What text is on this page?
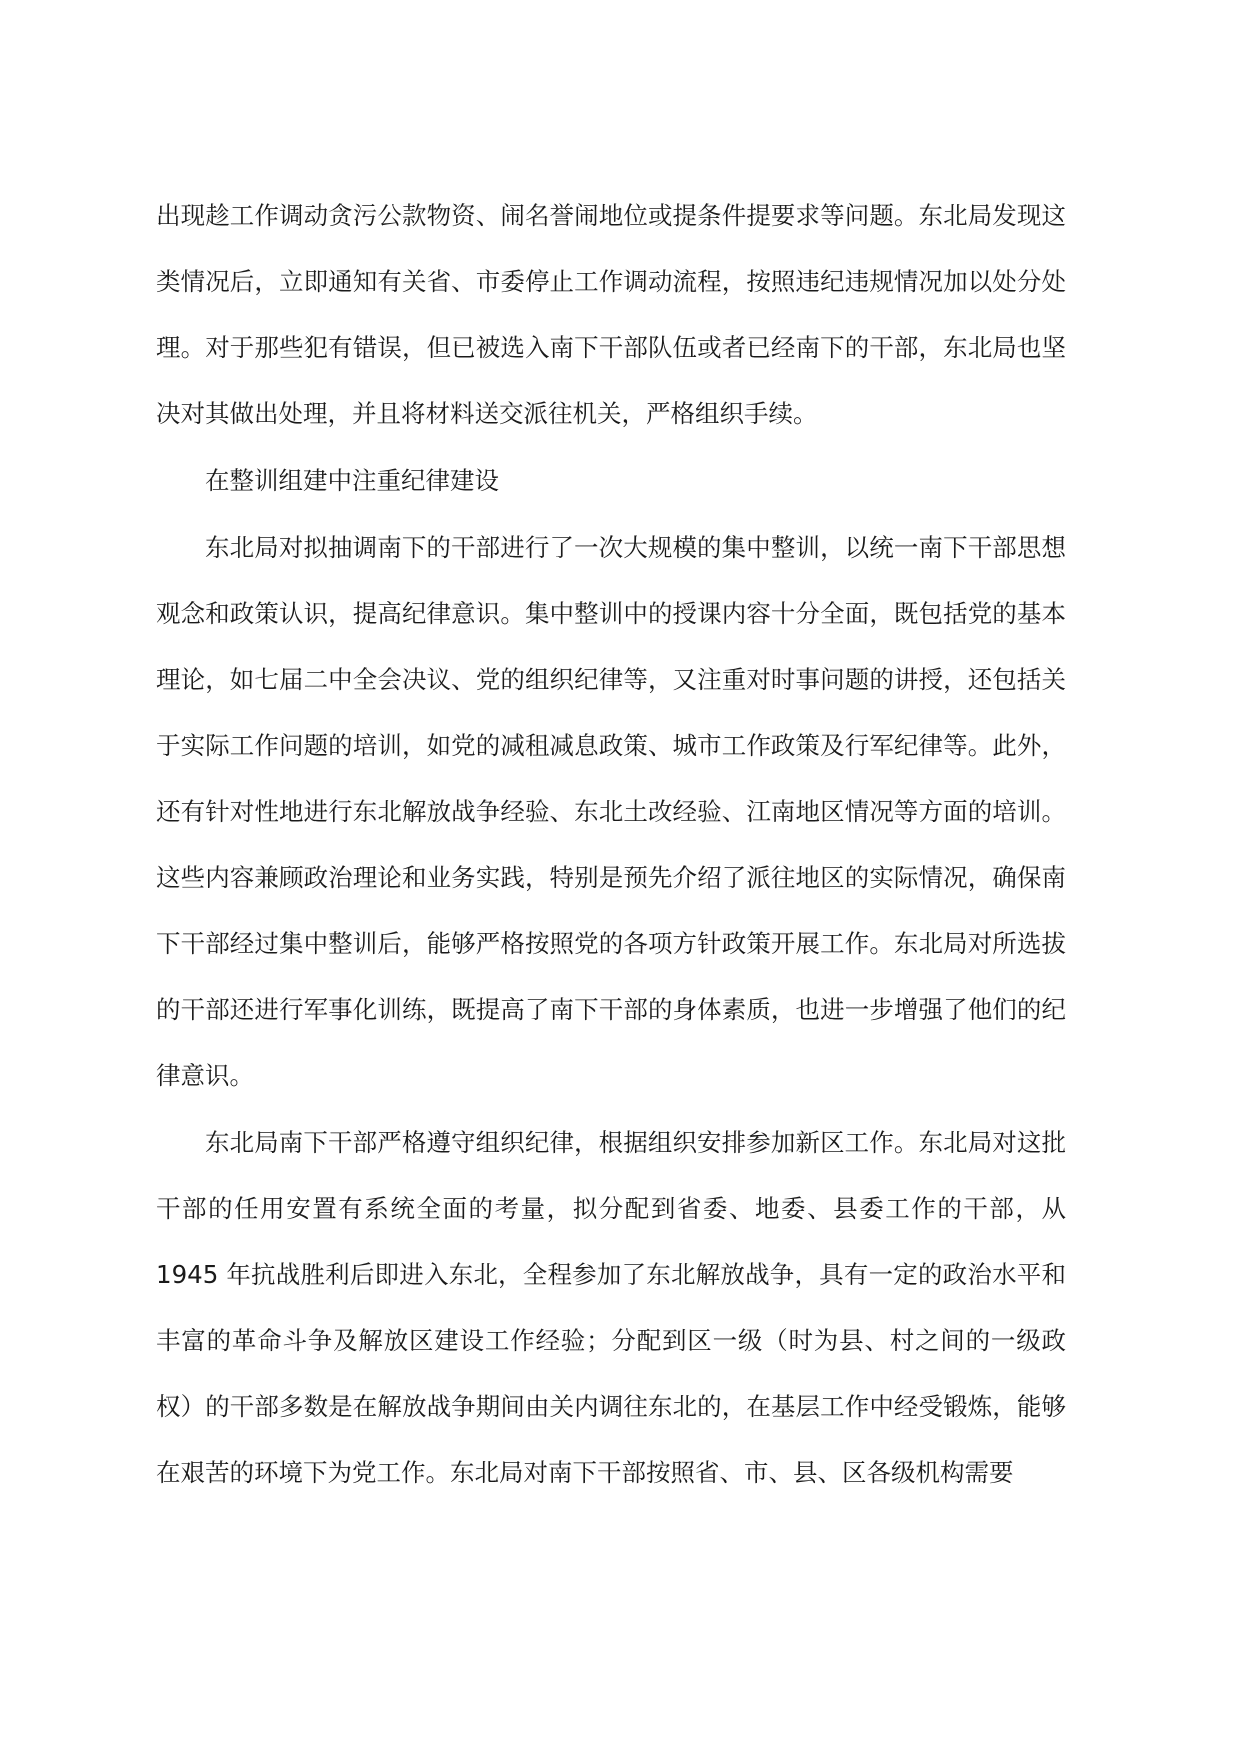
出现趁工作调动贪污公款物资、闹名誉闹地位或提条件提要求等问题。东北局发现这类情况后，立即通知有关省、市委停止工作调动流程，按照违纪违规情况加以处分处理。对于那些犯有错误，但已被选入南下干部队伍或者已经南下的干部，东北局也坚决对其做出处理，并且将材料送交派往机关，严格组织手续。

在整训组建中注重纪律建设

东北局对拟抽调南下的干部进行了一次大规模的集中整训，以统一南下干部思想观念和政策认识，提高纪律意识。集中整训中的授课内容十分全面，既包括党的基本理论，如七届二中全会决议、党的组织纪律等，又注重对时事问题的讲授，还包括关于实际工作问题的培训，如党的减租减息政策、城市工作政策及行军纪律等。此外，还有针对性地进行东北解放战争经验、东北土改经验、江南地区情况等方面的培训。这些内容兼顾政治理论和业务实践，特别是预先介绍了派往地区的实际情况，确保南下干部经过集中整训后，能够严格按照党的各项方针政策开展工作。东北局对所选拔的干部还进行军事化训练，既提高了南下干部的身体素质，也进一步增强了他们的纪律意识。

东北局南下干部严格遵守组织纪律，根据组织安排参加新区工作。东北局对这批干部的任用安置有系统全面的考量，拟分配到省委、地委、县委工作的干部，从1945 年抗战胜利后即进入东北，全程参加了东北解放战争，具有一定的政治水平和丰富的革命斗争及解放区建设工作经验；分配到区一级（时为县、村之间的一级政权）的干部多数是在解放战争期间由关内调往东北的，在基层工作中经受锻炼，能够在艰苦的环境下为党工作。东北局对南下干部按照省、市、县、区各级机构需要
